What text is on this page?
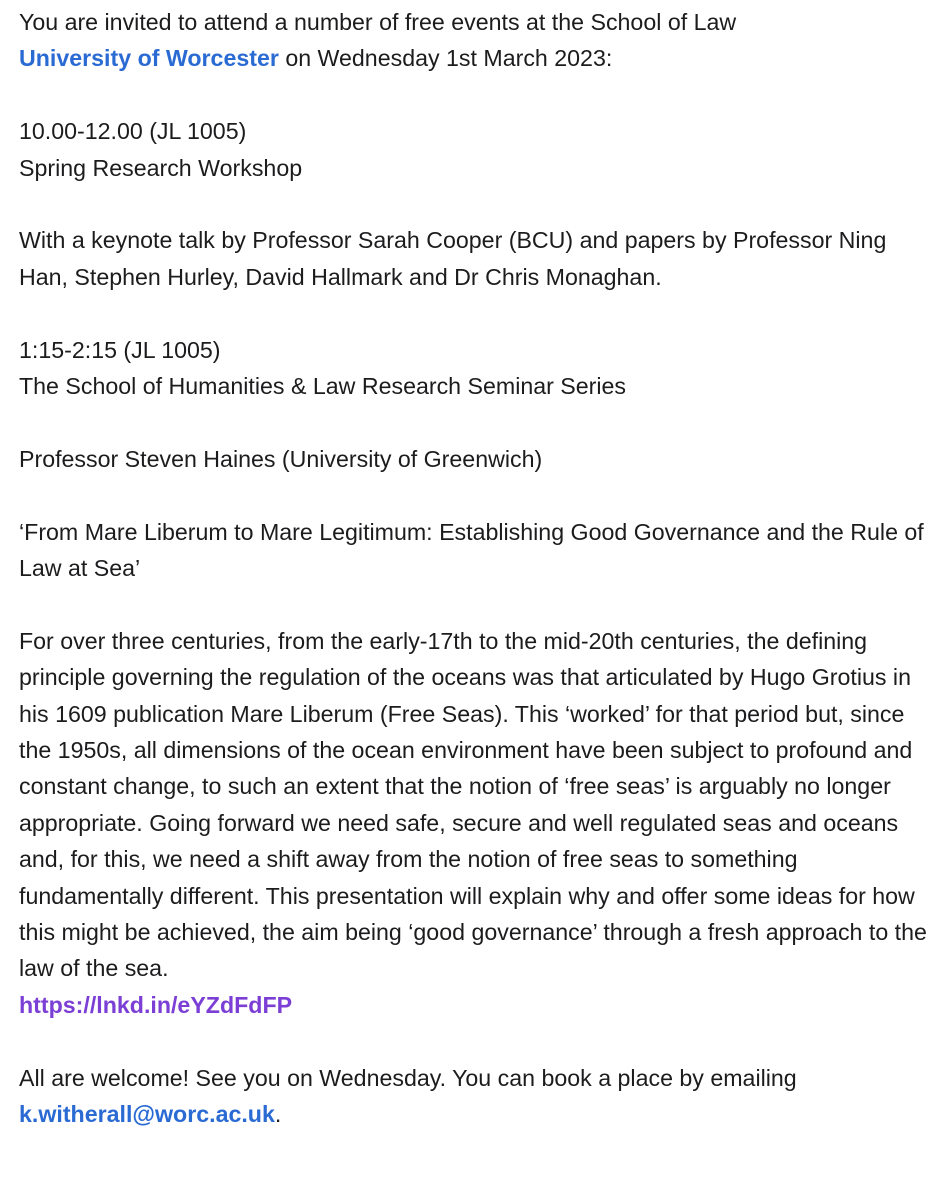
You are invited to attend a number of free events at the School of Law
University of Worcester on Wednesday 1st March 2023:

10.00-12.00 (JL 1005)
Spring Research Workshop

With a keynote talk by Professor Sarah Cooper (BCU) and papers by Professor Ning Han, Stephen Hurley, David Hallmark and Dr Chris Monaghan.

1:15-2:15 (JL 1005)
The School of Humanities & Law Research Seminar Series

Professor Steven Haines (University of Greenwich)

‘From Mare Liberum to Mare Legitimum: Establishing Good Governance and the Rule of Law at Sea’

For over three centuries, from the early-17th to the mid-20th centuries, the defining principle governing the regulation of the oceans was that articulated by Hugo Grotius in his 1609 publication Mare Liberum (Free Seas). This ‘worked’ for that period but, since the 1950s, all dimensions of the ocean environment have been subject to profound and constant change, to such an extent that the notion of ‘free seas’ is arguably no longer appropriate. Going forward we need safe, secure and well regulated seas and oceans and, for this, we need a shift away from the notion of free seas to something fundamentally different. This presentation will explain why and offer some ideas for how this might be achieved, the aim being ‘good governance’ through a fresh approach to the law of the sea.

https://lnkd.in/eYZdFdFP

All are welcome! See you on Wednesday. You can book a place by emailing
k.witherall@worc.ac.uk.
